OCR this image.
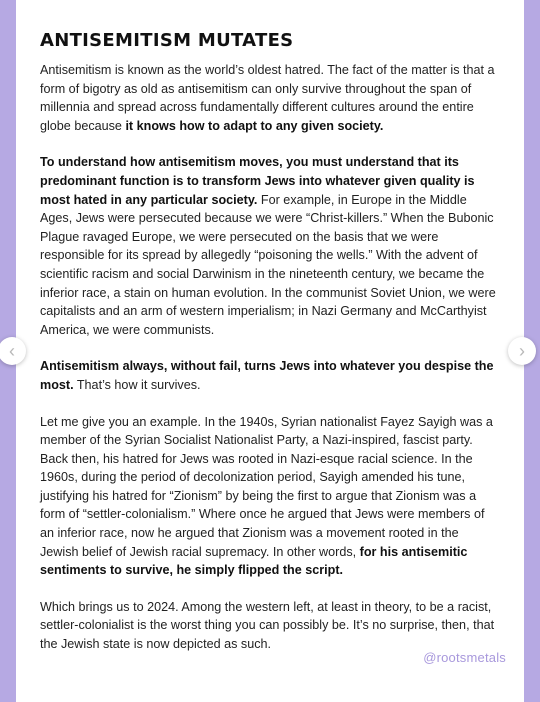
ANTISEMITISM MUTATES

Antisemitism is known as the world’s oldest hatred. The fact of the matter is that a form of bigotry as old as antisemitism can only survive throughout the span of millennia and spread across fundamentally different cultures around the entire globe because it knows how to adapt to any given society.

To understand how antisemitism moves, you must understand that its predominant function is to transform Jews into whatever given quality is most hated in any particular society. For example, in Europe in the Middle Ages, Jews were persecuted because we were “Christ-killers.” When the Bubonic Plague ravaged Europe, we were persecuted on the basis that we were responsible for its spread by allegedly “poisoning the wells.” With the advent of scientific racism and social Darwinism in the nineteenth century, we became the inferior race, a stain on human evolution. In the communist Soviet Union, we were capitalists and an arm of western imperialism; in Nazi Germany and McCarthyist America, we were communists.

Antisemitism always, without fail, turns Jews into whatever you despise the most. That’s how it survives.

Let me give you an example. In the 1940s, Syrian nationalist Fayez Sayigh was a member of the Syrian Socialist Nationalist Party, a Nazi-inspired, fascist party. Back then, his hatred for Jews was rooted in Nazi-esque racial science. In the 1960s, during the period of decolonization period, Sayigh amended his tune, justifying his hatred for “Zionism” by being the first to argue that Zionism was a form of “settler-colonialism.” Where once he argued that Jews were members of an inferior race, now he argued that Zionism was a movement rooted in the Jewish belief of Jewish racial supremacy. In other words, for his antisemitic sentiments to survive, he simply flipped the script.

Which brings us to 2024. Among the western left, at least in theory, to be a racist, settler-colonialist is the worst thing you can possibly be. It’s no surprise, then, that the Jewish state is now depicted as such.

@rootsmetals
‹	›
